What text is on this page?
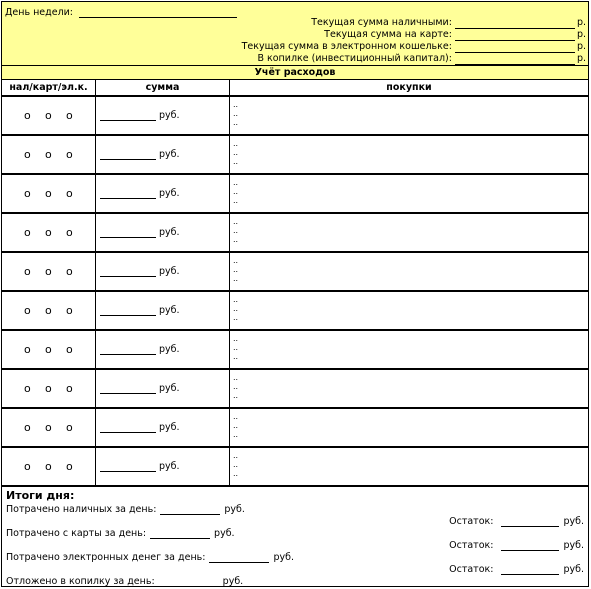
День недели:
Текущая сумма наличными:	р.
Текущая сумма на карте:	р.
Текущая сумма в электронном кошельке:	р.
В копилке (инвестиционный капитал):	р.
Учёт расходов
нал/карт/эл.к.	сумма	покупки
o o o	руб.
..
..
..
o o o	руб.
..
..
..
o o o	руб.
..
..
..
o o o	руб.
..
..
..
o o o	руб.
..
..
..
o o o	руб.
..
..
..
o o o	руб.
..
..
..
o o o	руб.
..
..
..
o o o	руб.
..
..
..
o o o	руб.
..
..
..
Итоги дня:
Потрачено наличных за день:	руб.
Потрачено с карты за день:	руб.
Потрачено электронных денег за день:	руб.
Отложено в копилку за день:	руб.
Остаток:	руб.
Остаток:	руб.
Остаток:	руб.
